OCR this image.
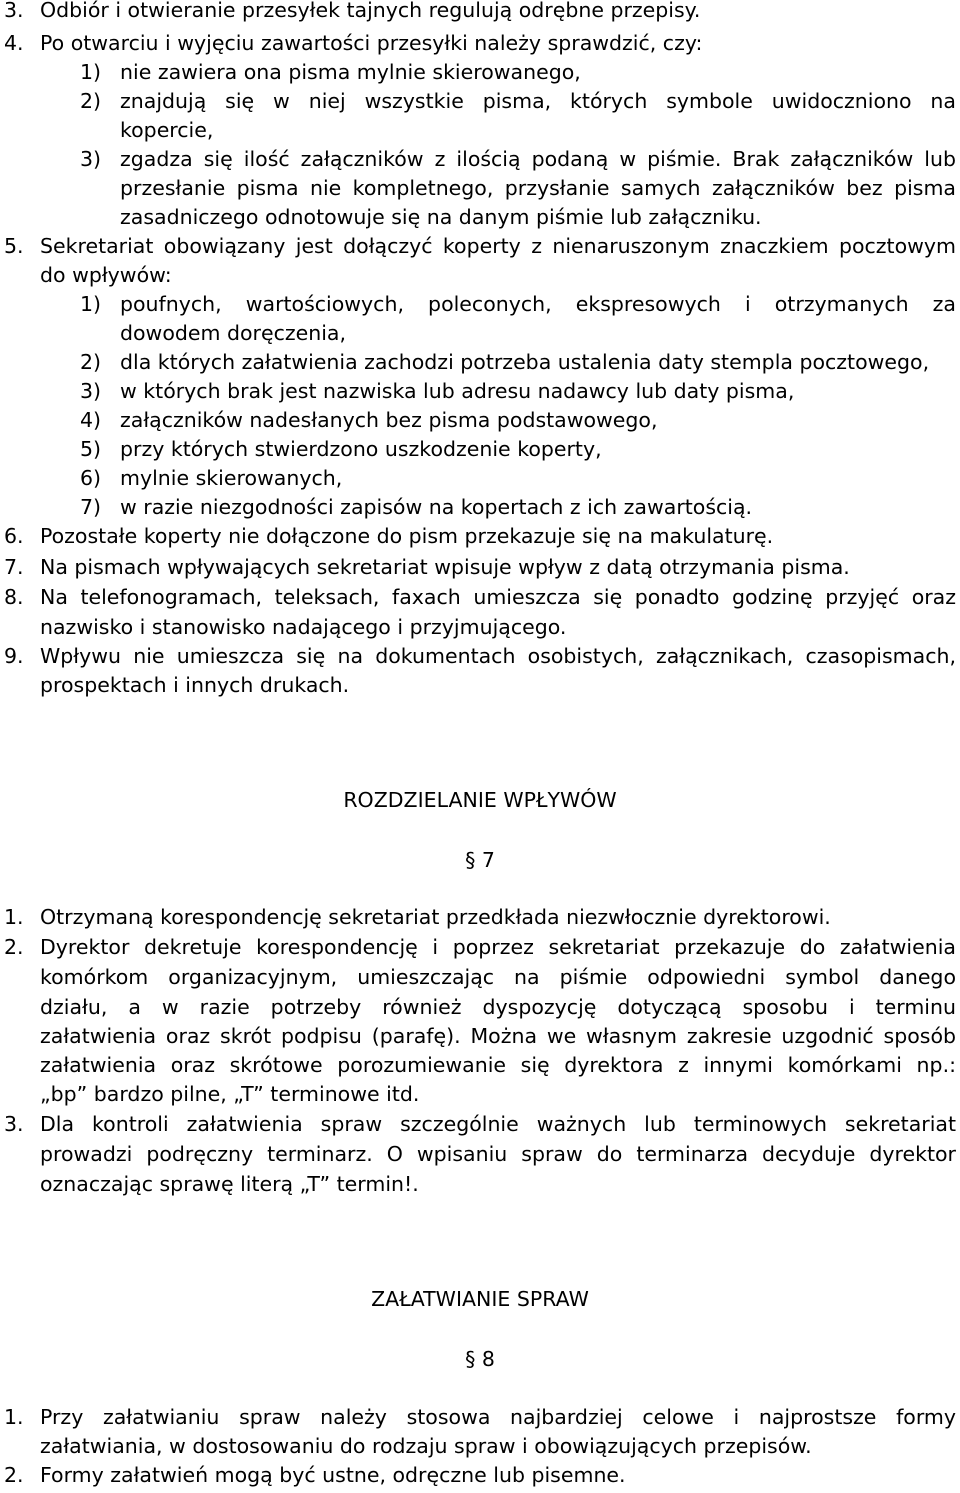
3. Odbiór i otwieranie przesyłek tajnych regulują odrębne przepisy.
4. Po otwarciu i wyjęciu zawartości przesyłki należy sprawdzić, czy:
1) nie zawiera ona pisma mylnie skierowanego,
2) znajdują się w niej wszystkie pisma, których symbole uwidoczniono na
kopercie,
3) zgadza się ilość załączników z ilością podaną w piśmie. Brak załączników lub
przesłanie pisma nie kompletnego, przysłanie samych załączników bez pisma
zasadniczego odnotowuje się na danym piśmie lub załączniku.
5. Sekretariat obowiązany jest dołączyć koperty z nienaruszonym znaczkiem pocztowym
do wpływów:
1) poufnych, wartościowych, poleconych, ekspresowych i otrzymanych za
dowodem doręczenia,
2) dla których załatwienia zachodzi potrzeba ustalenia daty stempla pocztowego,
3) w których brak jest nazwiska lub adresu nadawcy lub daty pisma,
4) załączników nadesłanych bez pisma podstawowego,
5) przy których stwierdzono uszkodzenie koperty,
6) mylnie skierowanych,
7) w razie niezgodności zapisów na kopertach z ich zawartością.
6. Pozostałe koperty nie dołączone do pism przekazuje się na makulaturę.
7. Na pismach wpływających sekretariat wpisuje wpływ z datą otrzymania pisma.
8. Na telefonogramach, teleksach, faxach umieszcza się ponadto godzinę przyjęć oraz
nazwisko i stanowisko nadającego i przyjmującego.
9. Wpływu nie umieszcza się na dokumentach osobistych, załącznikach, czasopismach,
prospektach i innych drukach.
ROZDZIELANIE WPŁYWÓW
§ 7
1. Otrzymaną korespondencję sekretariat przedkłada niezwłocznie dyrektorowi.
2. Dyrektor dekretuje korespondencję i poprzez sekretariat przekazuje do załatwienia
komórkom organizacyjnym, umieszczając na piśmie odpowiedni symbol danego
działu, a w razie potrzeby również dyspozycję dotyczącą sposobu i terminu
załatwienia oraz skrót podpisu (parafę). Można we własnym zakresie uzgodnić sposób
załatwienia oraz skrótowe porozumiewanie się dyrektora z innymi komórkami np.:
„bp” bardzo pilne, „T” terminowe itd.
3. Dla kontroli załatwienia spraw szczególnie ważnych lub terminowych sekretariat
prowadzi podręczny terminarz. O wpisaniu spraw do terminarza decyduje dyrektor
oznaczając sprawę literą „T” termin!.
ZAŁATWIANIE SPRAW
§ 8
1. Przy załatwianiu spraw należy stosowa najbardziej celowe i najprostsze formy
załatwiania, w dostosowaniu do rodzaju spraw i obowiązujących przepisów.
2. Formy załatwień mogą być ustne, odręczne lub pisemne.
